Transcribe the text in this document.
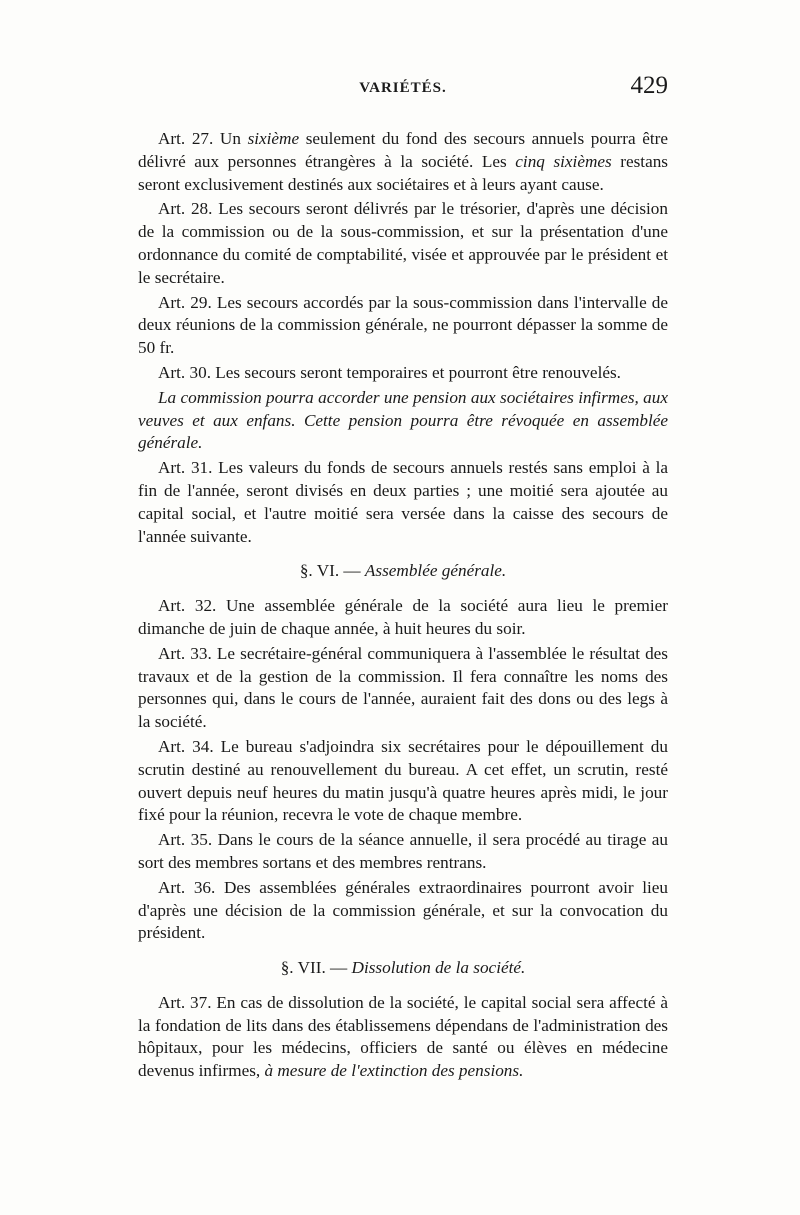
VARIÉTÉS.	429

Art. 27. Un sixième seulement du fond des secours annuels pourra être délivré aux personnes étrangères à la société. Les cinq sixièmes restans seront exclusivement destinés aux sociétaires et à leurs ayant cause.

Art. 28. Les secours seront délivrés par le trésorier, d'après une décision de la commission ou de la sous-commission, et sur la présentation d'une ordonnance du comité de comptabilité, visée et approuvée par le président et le secrétaire.

Art. 29. Les secours accordés par la sous-commission dans l'intervalle de deux réunions de la commission générale, ne pourront dépasser la somme de 50 fr.

Art. 30. Les secours seront temporaires et pourront être renouvelés.

La commission pourra accorder une pension aux sociétaires infirmes, aux veuves et aux enfans. Cette pension pourra être révoquée en assemblée générale.

Art. 31. Les valeurs du fonds de secours annuels restés sans emploi à la fin de l'année, seront divisés en deux parties ; une moitié sera ajoutée au capital social, et l'autre moitié sera versée dans la caisse des secours de l'année suivante.

§. VI. — Assemblée générale.

Art. 32. Une assemblée générale de la société aura lieu le premier dimanche de juin de chaque année, à huit heures du soir.

Art. 33. Le secrétaire-général communiquera à l'assemblée le résultat des travaux et de la gestion de la commission. Il fera connaître les noms des personnes qui, dans le cours de l'année, auraient fait des dons ou des legs à la société.

Art. 34. Le bureau s'adjoindra six secrétaires pour le dépouillement du scrutin destiné au renouvellement du bureau. A cet effet, un scrutin, resté ouvert depuis neuf heures du matin jusqu'à quatre heures après midi, le jour fixé pour la réunion, recevra le vote de chaque membre.

Art. 35. Dans le cours de la séance annuelle, il sera procédé au tirage au sort des membres sortans et des membres rentrans.

Art. 36. Des assemblées générales extraordinaires pourront avoir lieu d'après une décision de la commission générale, et sur la convocation du président.

§. VII. — Dissolution de la société.

Art. 37. En cas de dissolution de la société, le capital social sera affecté à la fondation de lits dans des établissemens dépendans de l'administration des hôpitaux, pour les médecins, officiers de santé ou élèves en médecine devenus infirmes, à mesure de l'extinction des pensions.
